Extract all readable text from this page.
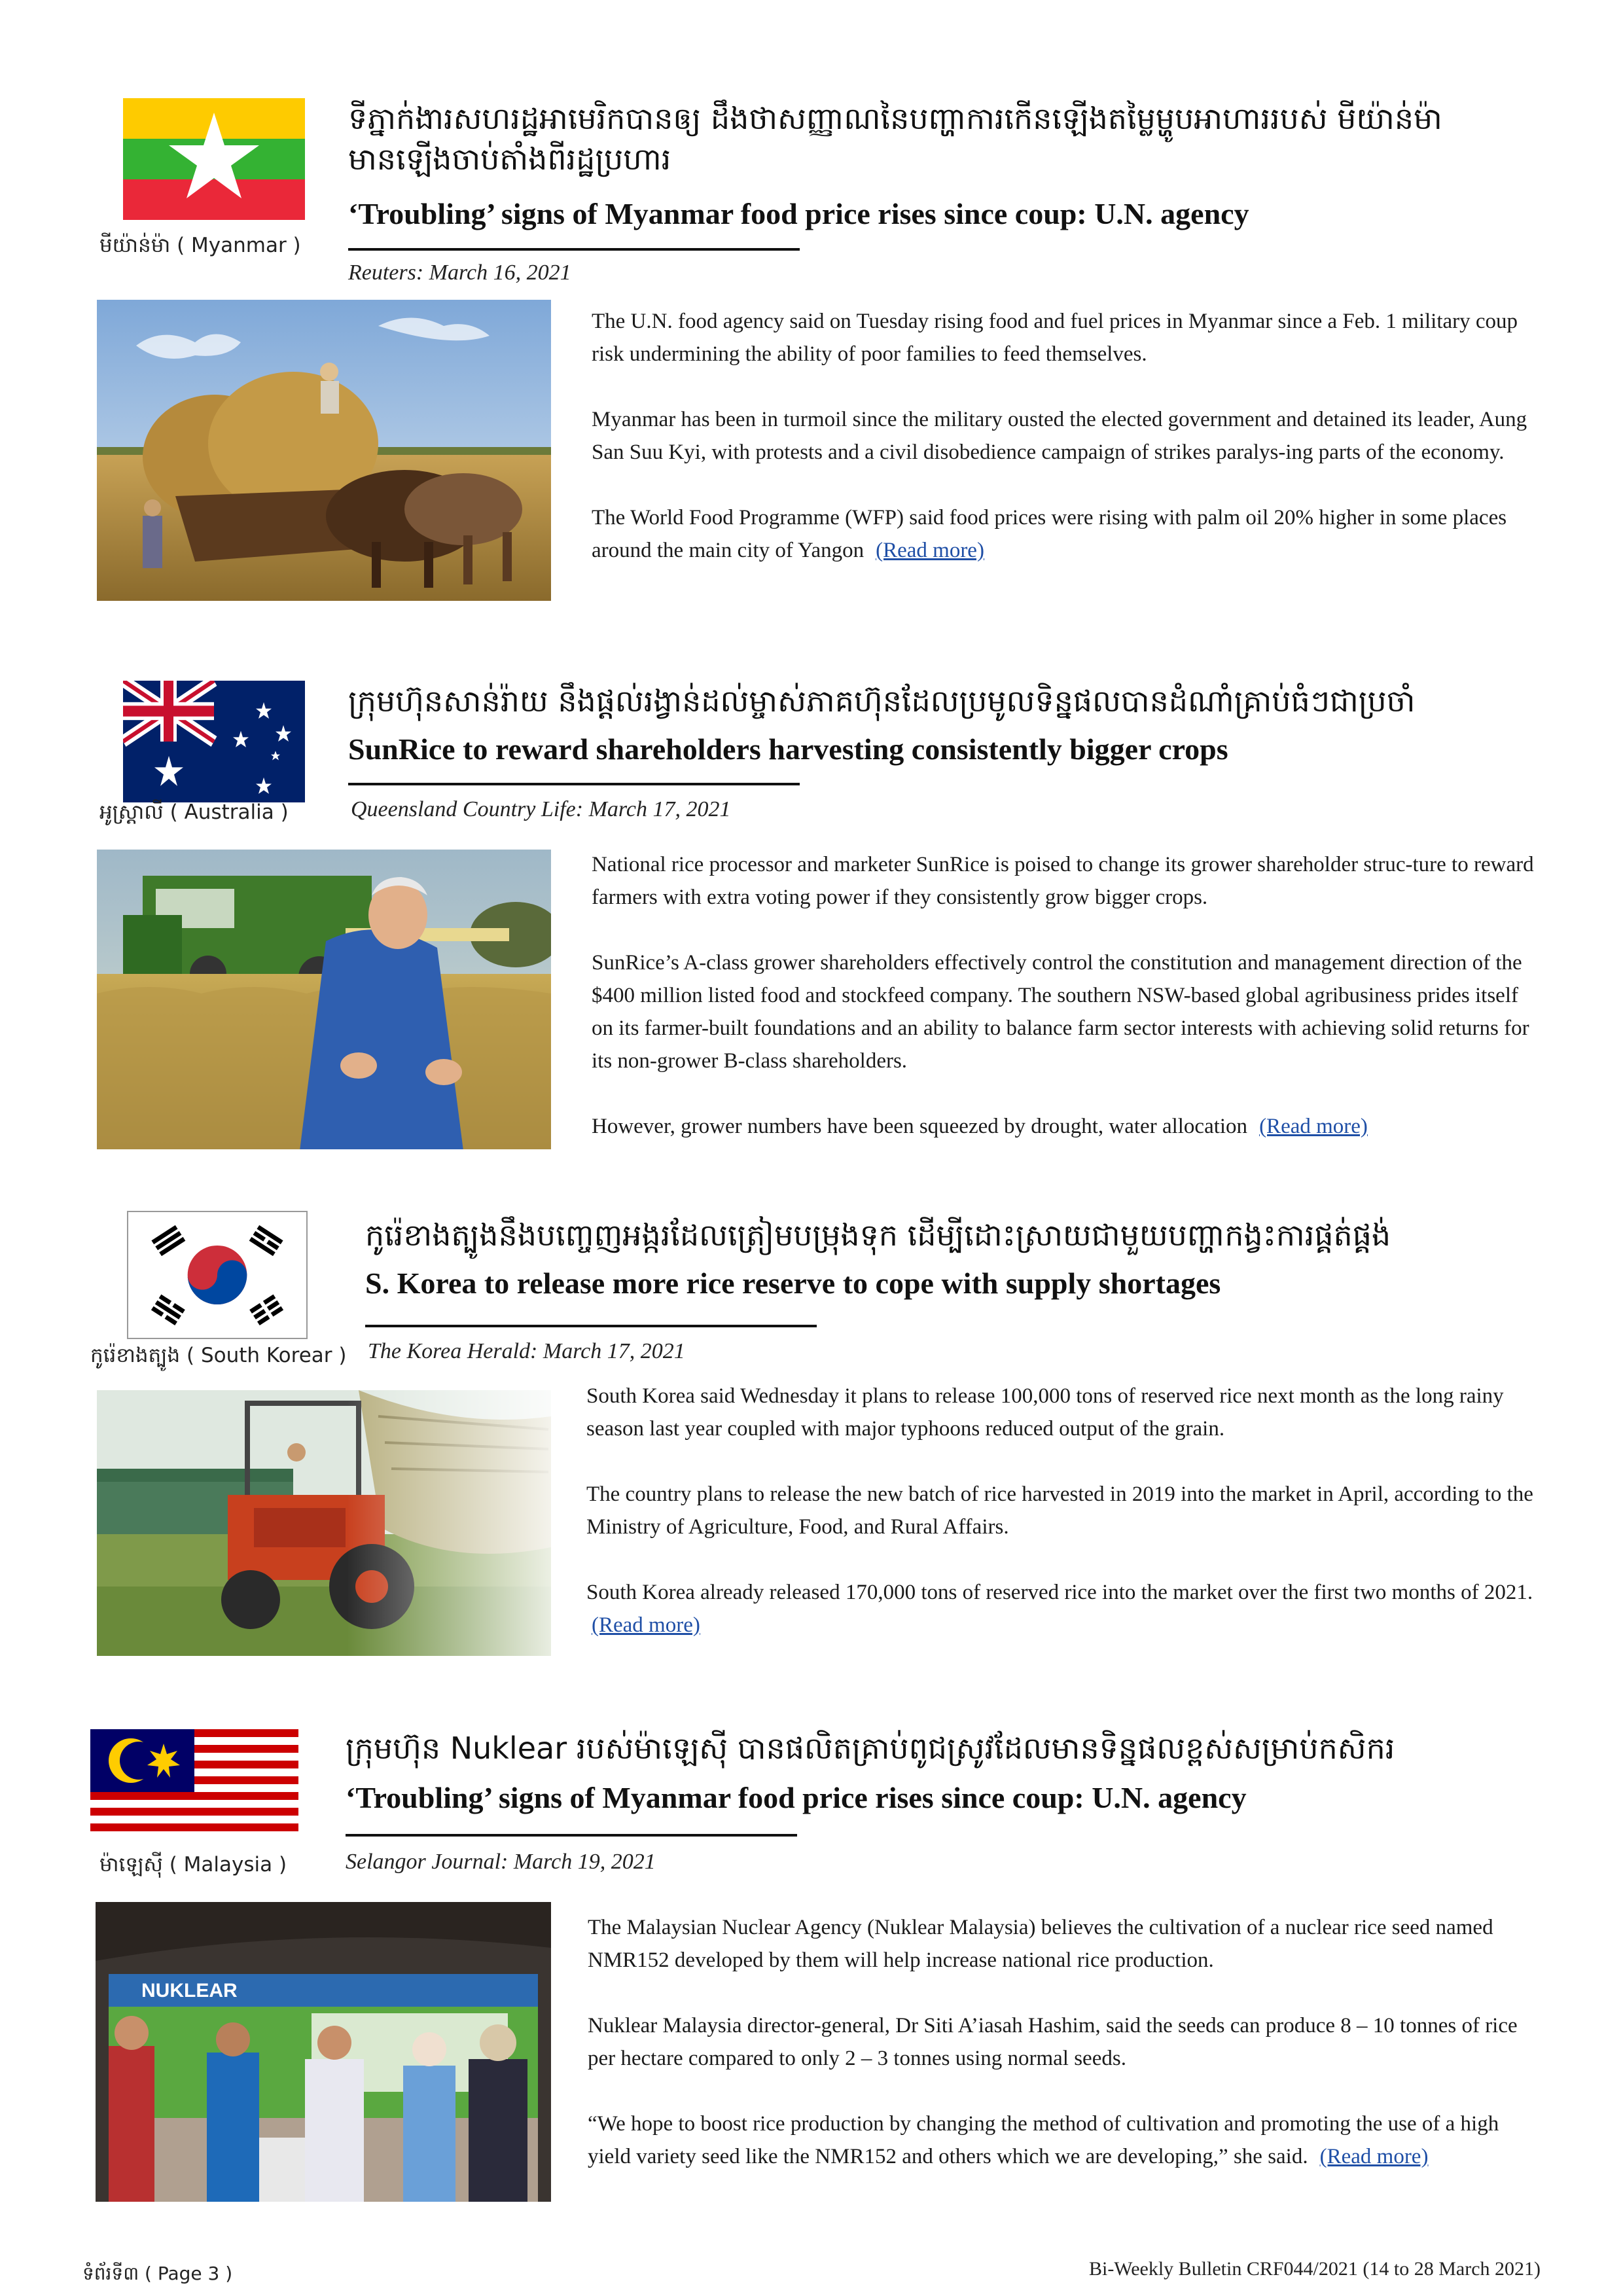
មីយ៉ាន់ម៉ា ( Myanmar )
ទីភ្នាក់ងារសហរដ្ឋអាមេរិកបានឲ្យ ដឹងថាសញ្ញាណនៃបញ្ហាការកើនឡើងតម្លៃម្ហូបអាហាររបស់ មីយ៉ាន់ម៉ា មានឡើងចាប់តាំងពីរដ្ឋប្រហារ
‘Troubling’ signs of Myanmar food price rises since coup: U.N. agency
Reuters: March 16, 2021

The U.N. food agency said on Tuesday rising food and fuel prices in Myanmar since a Feb. 1 military coup risk undermining the ability of poor families to feed themselves.

Myanmar has been in turmoil since the military ousted the elected government and detained its leader, Aung San Suu Kyi, with protests and a civil disobedience campaign of strikes paralys-ing parts of the economy.

The World Food Programme (WFP) said food prices were rising with palm oil 20% higher in some places around the main city of Yangon (Read more)

អូស្រ្តាលី ( Australia )
ក្រុមហ៊ុនសាន់រ៉ាយ នឹងផ្តល់រង្វាន់ដល់ម្ចាស់ភាគហ៊ុនដែលប្រមូលទិន្នផលបានដំណាំគ្រាប់ធំៗជាប្រចាំ
SunRice to reward shareholders harvesting consistently bigger crops
Queensland Country Life: March 17, 2021

National rice processor and marketer SunRice is poised to change its grower shareholder struc-ture to reward farmers with extra voting power if they consistently grow bigger crops.

SunRice’s A-class grower shareholders effectively control the constitution and management direction of the $400 million listed food and stockfeed company. The southern NSW-based global agribusiness prides itself on its farmer-built foundations and an ability to balance farm sector interests with achieving solid returns for its non-grower B-class shareholders.

However, grower numbers have been squeezed by drought, water allocation (Read more)

កូរ៉េខាងត្បូង ( South Korear )
កូរ៉េខាងត្បូងនឹងបញ្ចេញអង្ករដែលត្រៀមបម្រុងទុក ដើម្បីដោះស្រាយជាមួយបញ្ហាកង្វះការផ្គត់ផ្គង់
S. Korea to release more rice reserve to cope with supply shortages
The Korea Herald: March 17, 2021

South Korea said Wednesday it plans to release 100,000 tons of reserved rice next month as the long rainy season last year coupled with major typhoons reduced output of the grain.

The country plans to release the new batch of rice harvested in 2019 into the market in April, according to the Ministry of Agriculture, Food, and Rural Affairs.

South Korea already released 170,000 tons of reserved rice into the market over the first two months of 2021.(Read more)

ម៉ាឡេស៊ី ( Malaysia )
ក្រុមហ៊ុន Nuklear របស់ម៉ាឡេស៊ី បានផលិតគ្រាប់ពូជស្រូវដែលមានទិន្នផលខ្ពស់សម្រាប់កសិករ
‘Troubling’ signs of Myanmar food price rises since coup: U.N. agency
Selangor Journal: March 19, 2021
NUKLEAR

The Malaysian Nuclear Agency (Nuklear Malaysia) believes the cultivation of a nuclear rice seed named NMR152 developed by them will help increase national rice production.

Nuklear Malaysia director-general, Dr Siti A’iasah Hashim, said the seeds can produce 8 – 10 tonnes of rice per hectare compared to only 2 – 3 tonnes using normal seeds.

“We hope to boost rice production by changing the method of cultivation and promoting the use of a high yield variety seed like the NMR152 and others which we are developing,” she said. (Read more)

ទំព័រទី៣ ( Page 3 )	Bi-Weekly Bulletin CRF044/2021 (14 to 28 March 2021)
